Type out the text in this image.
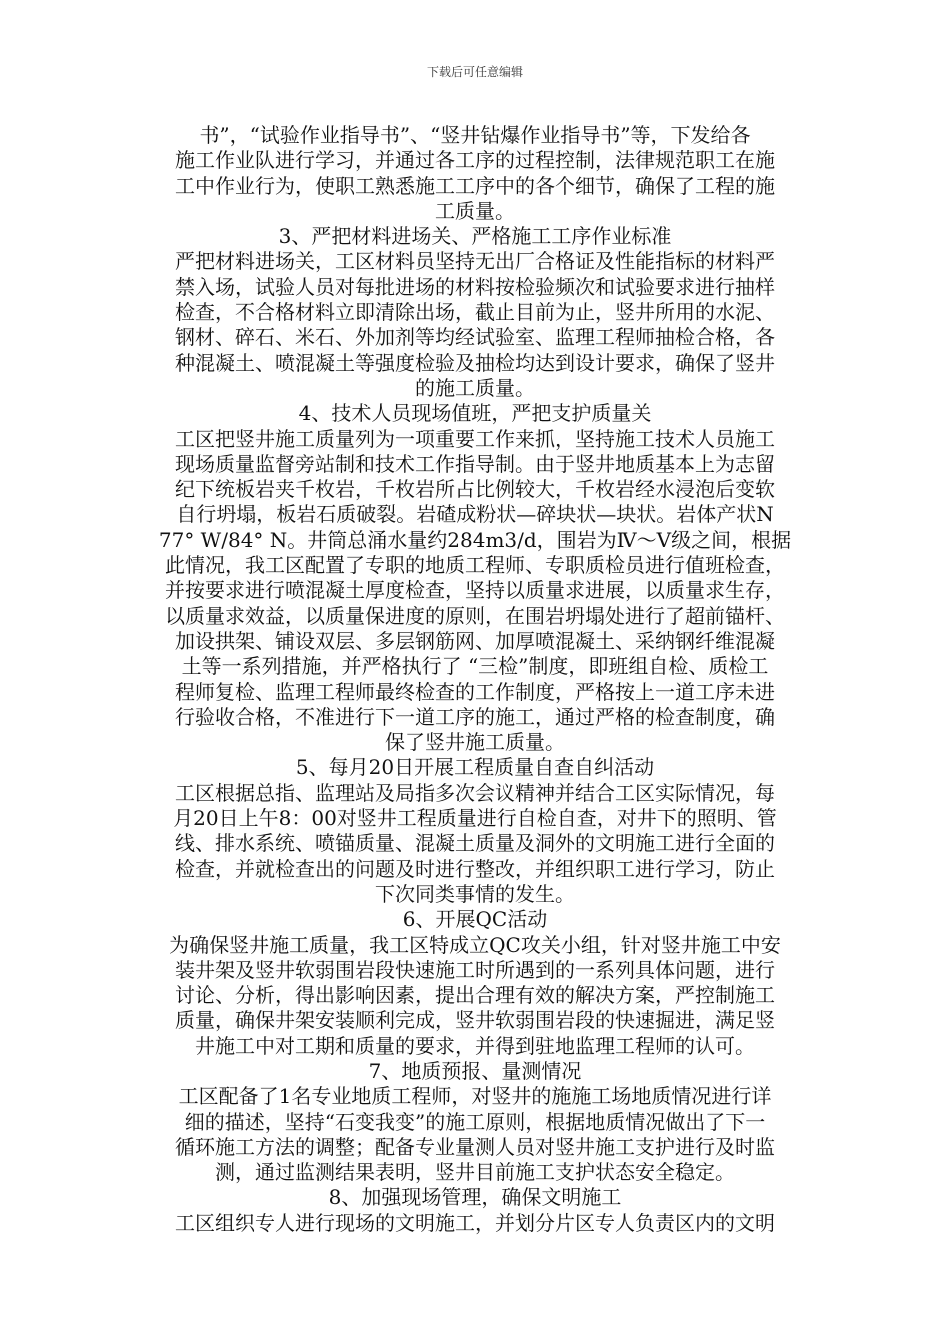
下载后可任意编辑
书”，“试验作业指导书”、“竖井钻爆作业指导书”等，下发给各
施工作业队进行学习，并通过各工序的过程控制，法律规范职工在施
工中作业行为，使职工熟悉施工工序中的各个细节，确保了工程的施
工质量。
3、严把材料进场关、严格施工工序作业标准
严把材料进场关，工区材料员坚持无出厂合格证及性能指标的材料严
禁入场，试验人员对每批进场的材料按检验频次和试验要求进行抽样
检查，不合格材料立即清除出场，截止目前为止，竖井所用的水泥、
钢材、碎石、米石、外加剂等均经试验室、监理工程师抽检合格，各
种混凝土、喷混凝土等强度检验及抽检均达到设计要求，确保了竖井
的施工质量。
4、技术人员现场值班，严把支护质量关
工区把竖井施工质量列为一项重要工作来抓，坚持施工技术人员施工
现场质量监督旁站制和技术工作指导制。由于竖井地质基本上为志留
纪下统板岩夹千枚岩，千枚岩所占比例较大，千枚岩经水浸泡后变软
自行坍塌，板岩石质破裂。岩碴成粉状—碎块状—块状。岩体产状N
77° W/84° N。井筒总涌水量约284m3/d，围岩为Ⅳ～Ⅴ级之间，根据
此情况，我工区配置了专职的地质工程师、专职质检员进行值班检查，
并按要求进行喷混凝土厚度检查，坚持以质量求进展，以质量求生存，
以质量求效益，以质量保进度的原则，在围岩坍塌处进行了超前锚杆、
加设拱架、铺设双层、多层钢筋网、加厚喷混凝土、采纳钢纤维混凝
土等一系列措施，并严格执行了 “三检”制度，即班组自检、质检工
程师复检、监理工程师最终检查的工作制度，严格按上一道工序未进
行验收合格，不准进行下一道工序的施工，通过严格的检查制度，确
保了竖井施工质量。
5、每月20日开展工程质量自查自纠活动
工区根据总指、监理站及局指多次会议精神并结合工区实际情况，每
月20日上午8：00对竖井工程质量进行自检自查，对井下的照明、管
线、排水系统、喷锚质量、混凝土质量及洞外的文明施工进行全面的
检查，并就检查出的问题及时进行整改，并组织职工进行学习，防止
下次同类事情的发生。
6、开展QC活动
为确保竖井施工质量，我工区特成立QC攻关小组，针对竖井施工中安
装井架及竖井软弱围岩段快速施工时所遇到的一系列具体问题，进行
讨论、分析，得出影响因素，提出合理有效的解决方案，严控制施工
质量，确保井架安装顺利完成，竖井软弱围岩段的快速掘进，满足竖
井施工中对工期和质量的要求，并得到驻地监理工程师的认可。
7、地质预报、量测情况
工区配备了1名专业地质工程师，对竖井的施施工场地质情况进行详
细的描述，坚持“石变我变”的施工原则，根据地质情况做出了下一
循环施工方法的调整；配备专业量测人员对竖井施工支护进行及时监
测，通过监测结果表明，竖井目前施工支护状态安全稳定。
8、加强现场管理，确保文明施工
工区组织专人进行现场的文明施工，并划分片区专人负责区内的文明
